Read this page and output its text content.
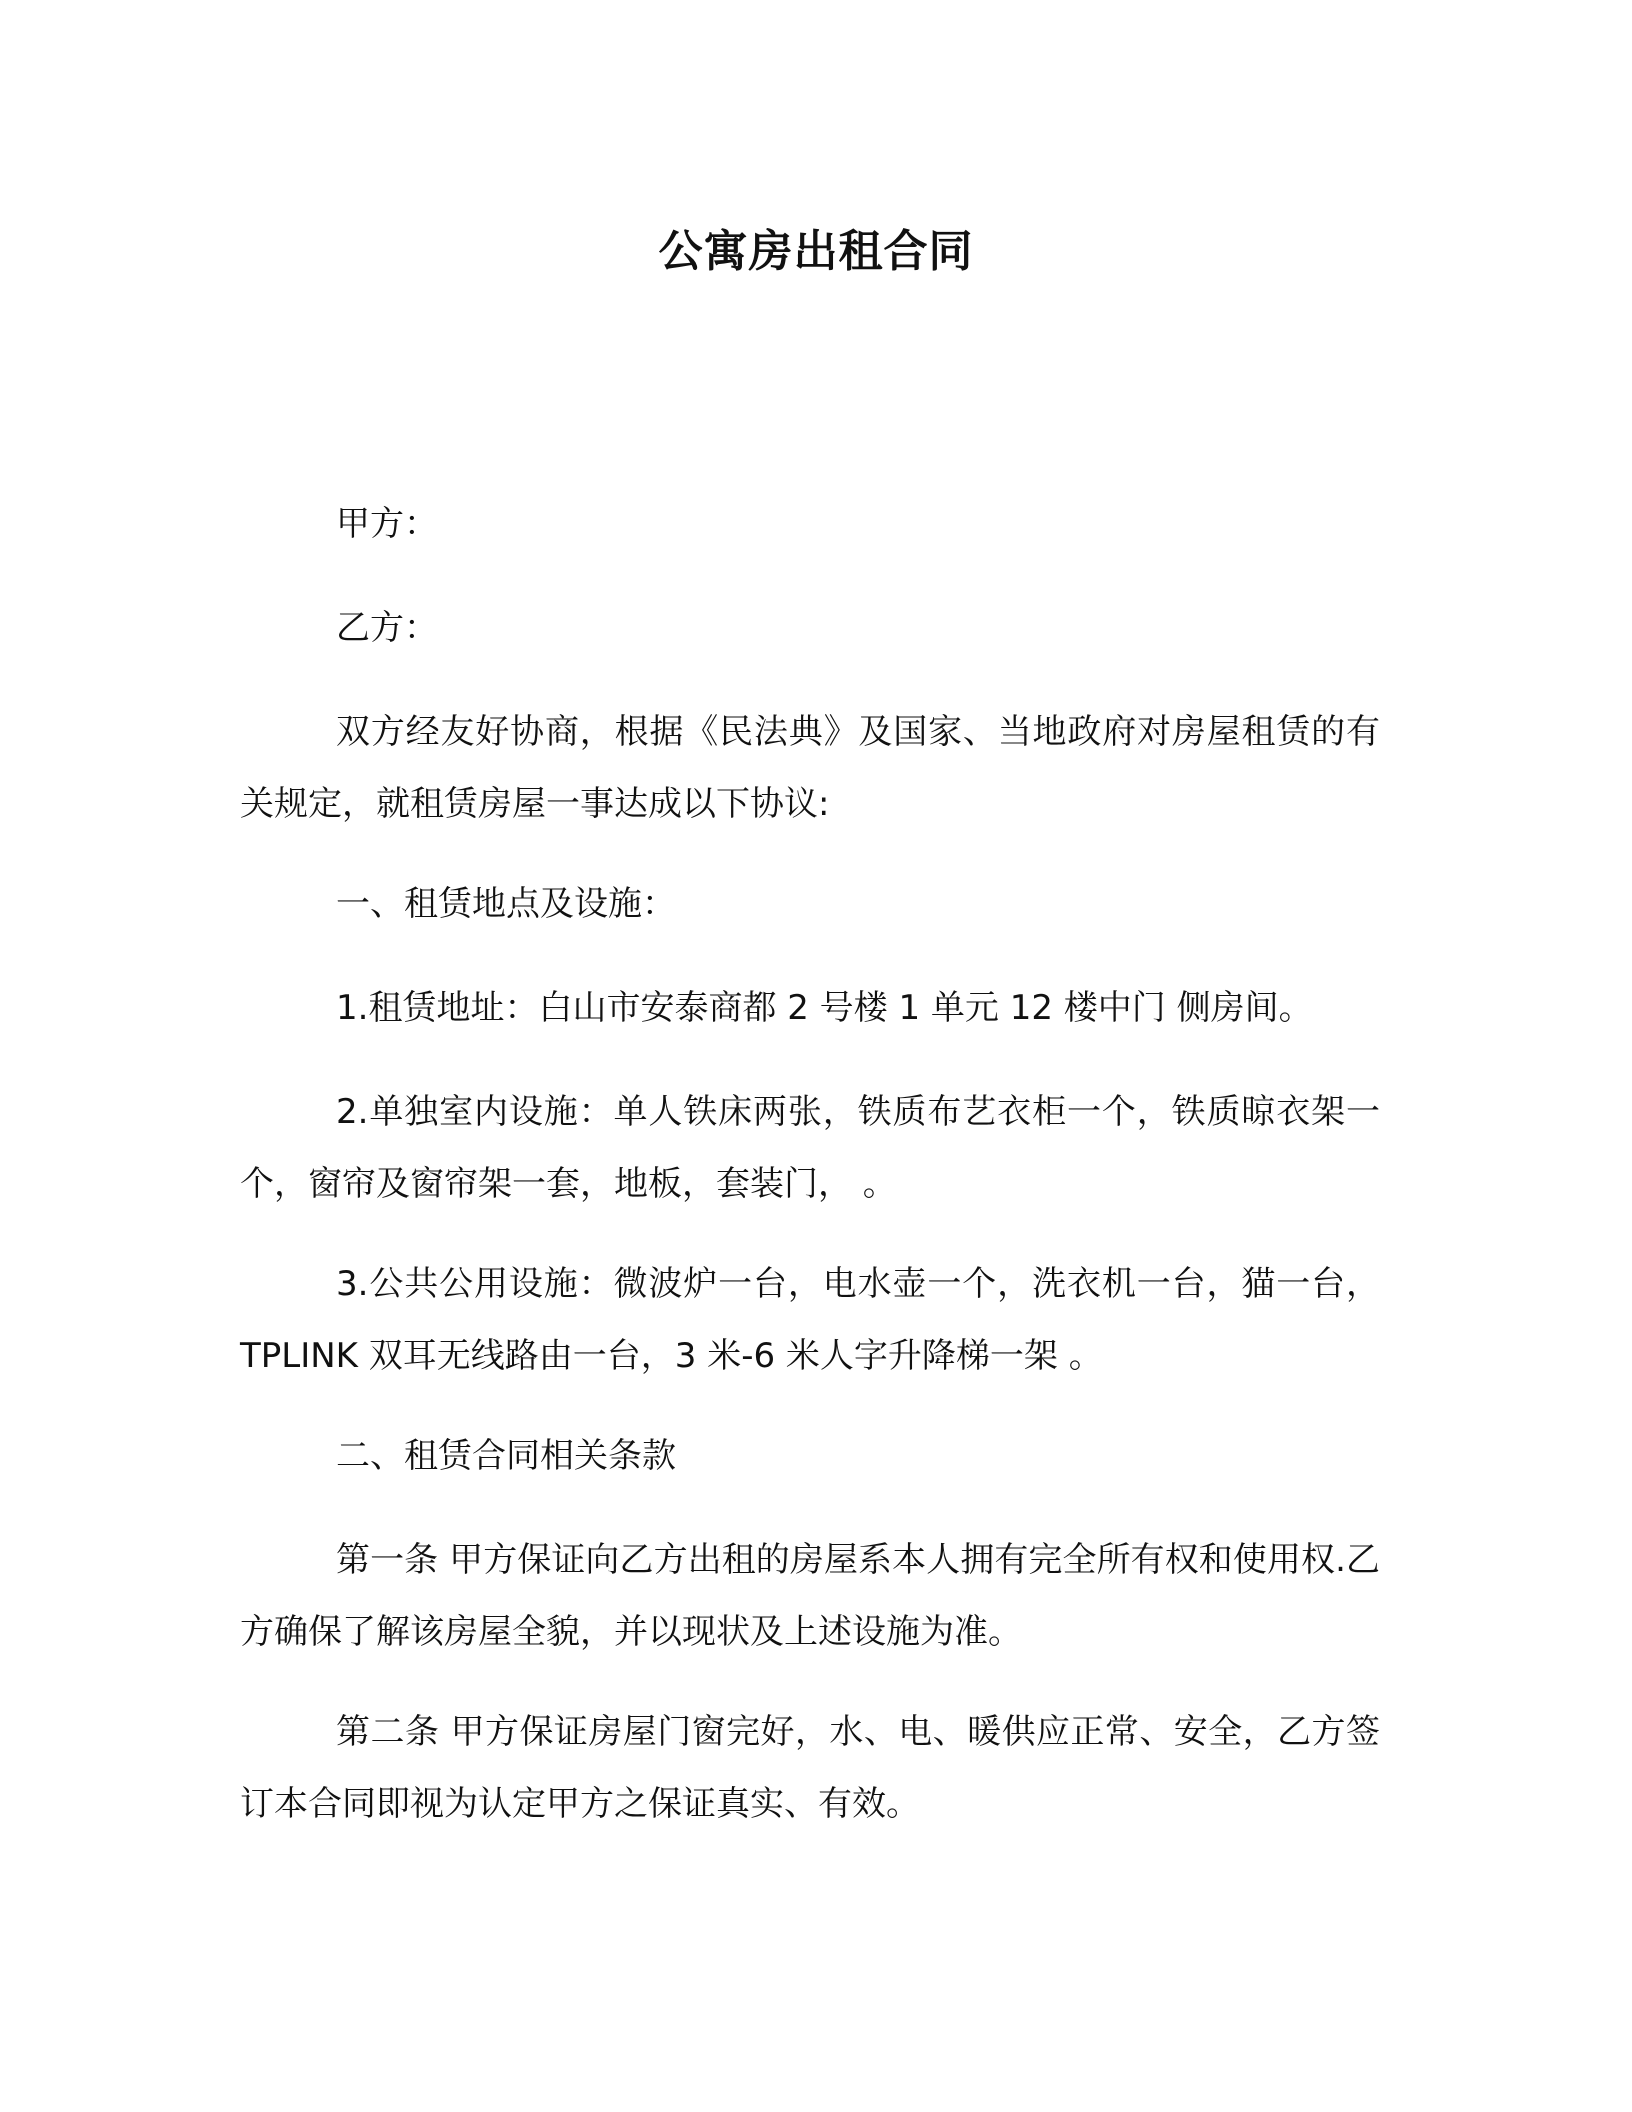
公寓房出租合同

甲方：

乙方：

双方经友好协商，根据《民法典》及国家、当地政府对房屋租赁的有关规定，就租赁房屋一事达成以下协议:

一、租赁地点及设施：

1.租赁地址：白山市安泰商都 2 号楼 1 单元 12 楼中门 侧房间。

2.单独室内设施：单人铁床两张，铁质布艺衣柜一个，铁质晾衣架一个，窗帘及窗帘架一套，地板，套装门， 。

3.公共公用设施：微波炉一台，电水壶一个，洗衣机一台，猫一台，TPLINK 双耳无线路由一台，3 米-6 米人字升降梯一架 。

二、租赁合同相关条款

第一条 甲方保证向乙方出租的房屋系本人拥有完全所有权和使用权.乙方确保了解该房屋全貌，并以现状及上述设施为准。

第二条 甲方保证房屋门窗完好，水、电、暖供应正常、安全，乙方签订本合同即视为认定甲方之保证真实、有效。
